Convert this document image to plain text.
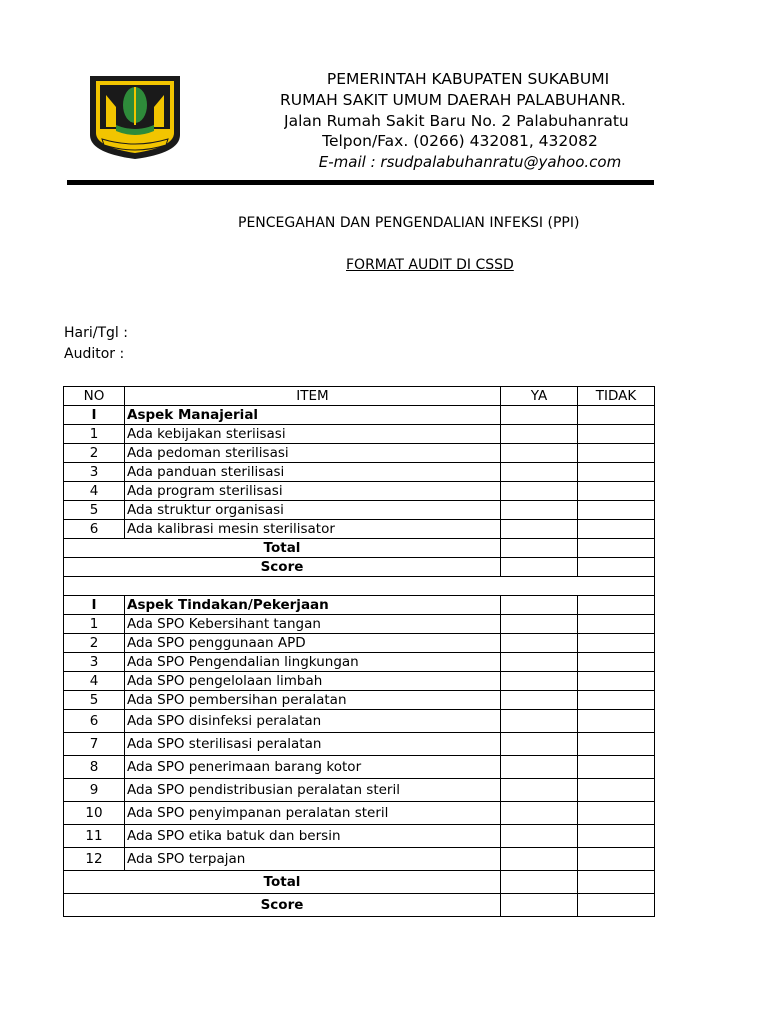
PEMERINTAH KABUPATEN SUKABUMI
RUMAH SAKIT UMUM DAERAH PALABUHANR.
Jalan Rumah Sakit Baru No. 2 Palabuhanratu
Telpon/Fax. (0266) 432081, 432082
E-mail : rsudpalabuhanratu@yahoo.com
PENCEGAHAN DAN PENGENDALIAN INFEKSI (PPI)
FORMAT AUDIT DI CSSD
Hari/Tgl :
Auditor :
NO	ITEM	YA	TIDAK
I	Aspek Manajerial		
1	Ada kebijakan steriisasi		
2	Ada pedoman sterilisasi		
3	Ada panduan sterilisasi		
4	Ada program sterilisasi		
5	Ada struktur organisasi		
6	Ada kalibrasi mesin sterilisator		
Total			
Score			

I	Aspek Tindakan/Pekerjaan		
1	Ada SPO Kebersihant tangan		
2	Ada SPO penggunaan APD		
3	Ada SPO Pengendalian lingkungan		
4	Ada SPO pengelolaan limbah		
5	Ada SPO pembersihan peralatan		
6	Ada SPO disinfeksi peralatan		
7	Ada SPO sterilisasi peralatan		
8	Ada SPO penerimaan barang kotor		
9	Ada SPO pendistribusian peralatan steril		
10	Ada SPO penyimpanan peralatan steril		
11	Ada SPO etika batuk dan bersin		
12	Ada SPO terpajan		
Total			
Score			
